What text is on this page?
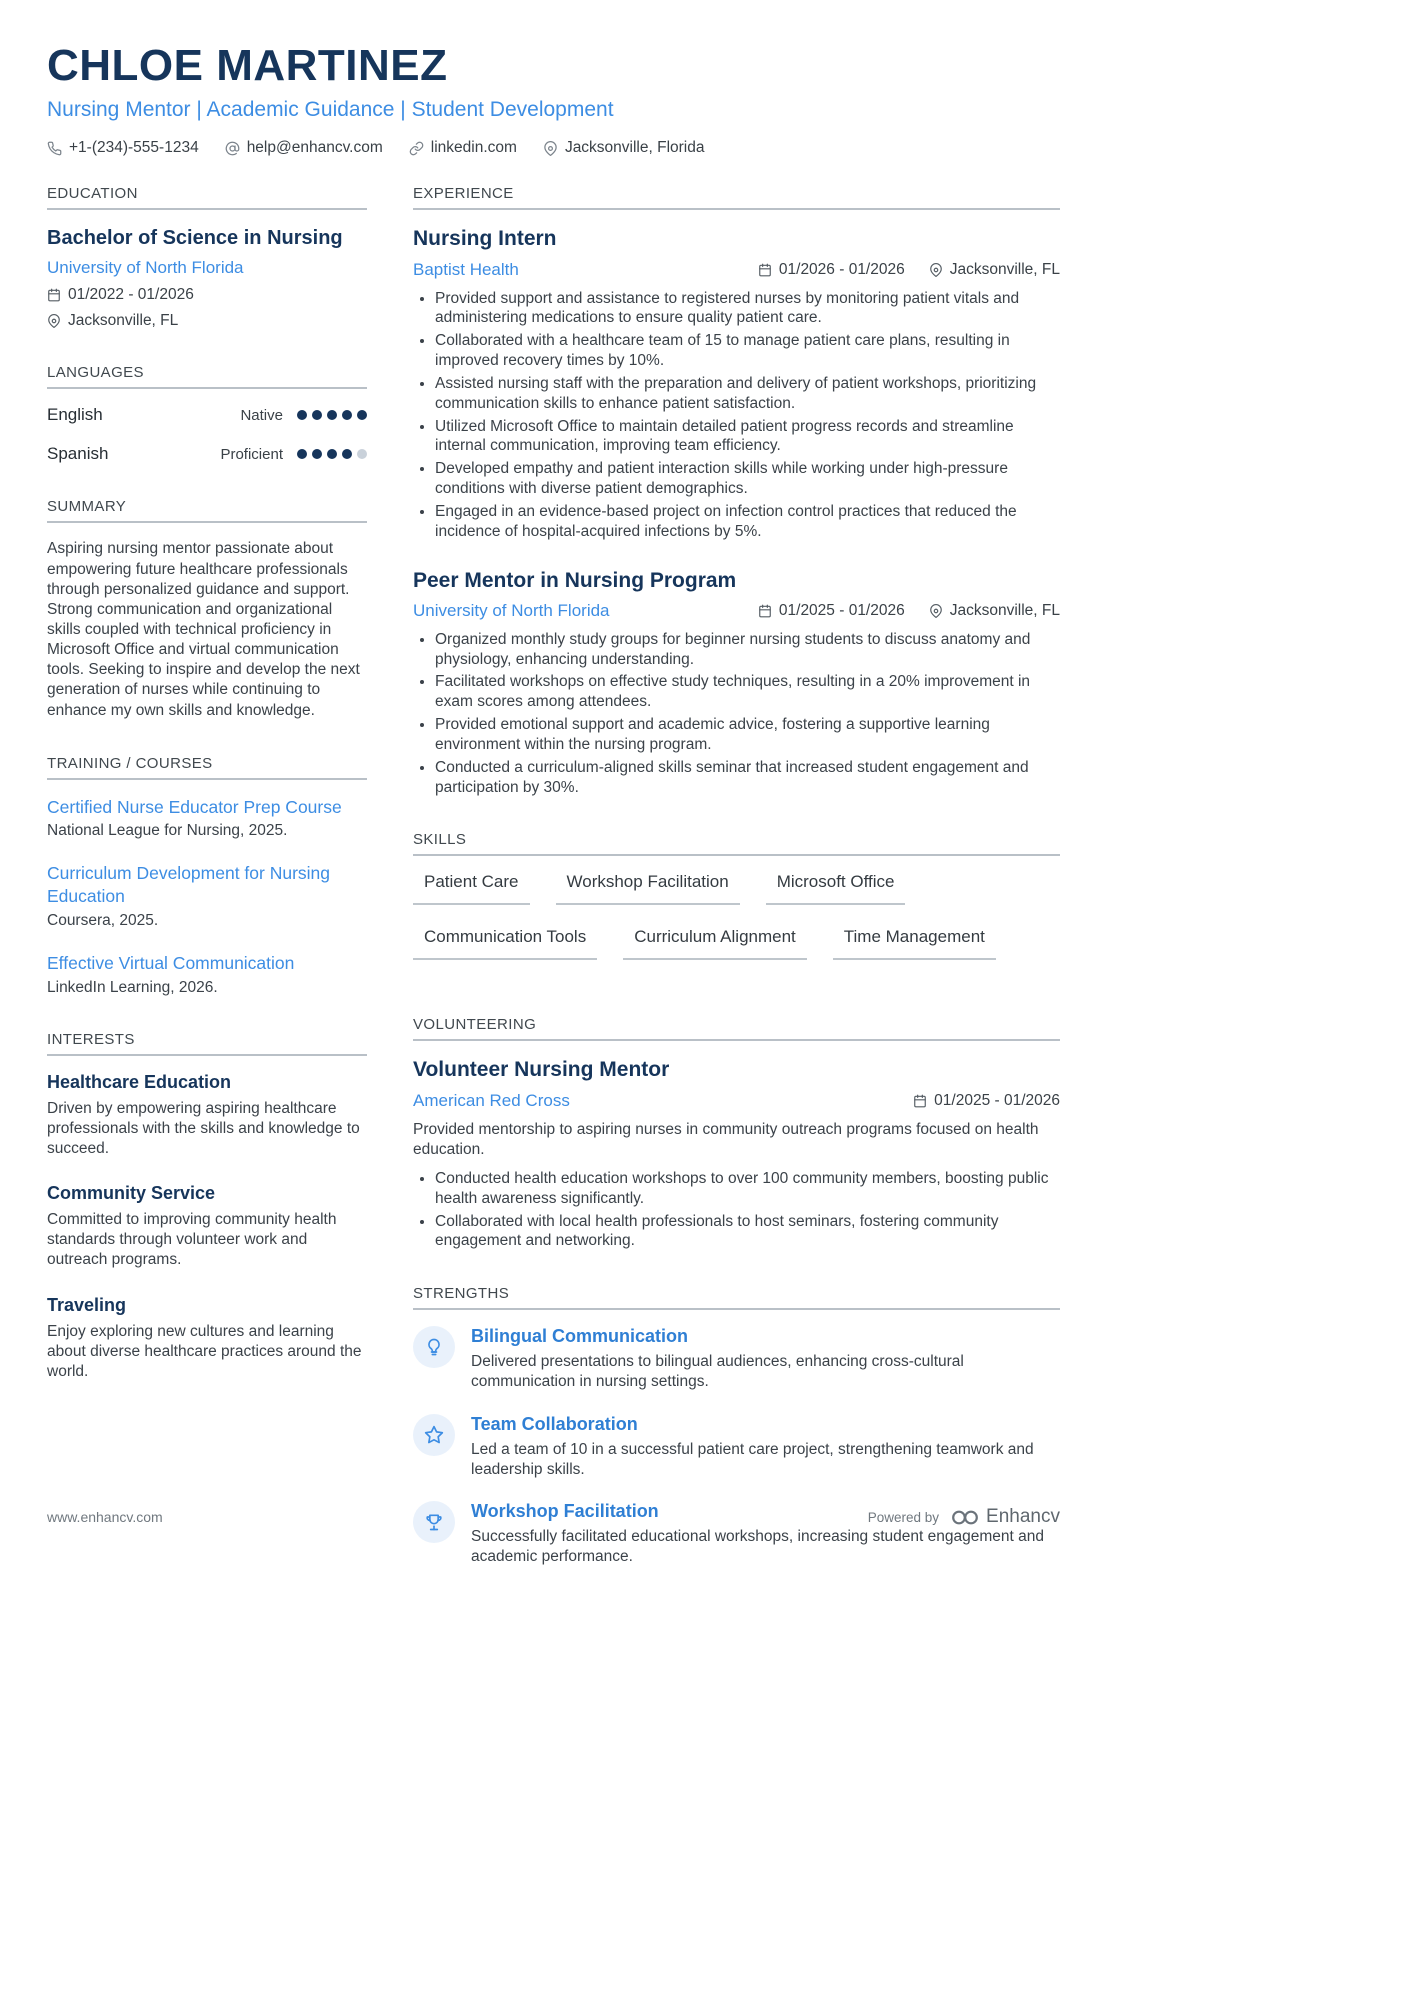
CHLOE MARTINEZ
Nursing Mentor | Academic Guidance | Student Development
+1-(234)-555-1234	help@enhancv.com	linkedin.com	Jacksonville, Florida
EDUCATION
Bachelor of Science in Nursing
University of North Florida
01/2022 - 01/2026
Jacksonville, FL
LANGUAGES
English	Native
Spanish	Proficient
SUMMARY

Aspiring nursing mentor passionate about empowering future healthcare professionals through personalized guidance and support. Strong communication and organizational skills coupled with technical proficiency in Microsoft Office and virtual communication tools. Seeking to inspire and develop the next generation of nurses while continuing to enhance my own skills and knowledge.

TRAINING / COURSES
Certified Nurse Educator Prep Course
National League for Nursing, 2025.
Curriculum Development for Nursing Education
Coursera, 2025.
Effective Virtual Communication
LinkedIn Learning, 2026.
INTERESTS
Healthcare Education
Driven by empowering aspiring healthcare professionals with the skills and knowledge to succeed.
Community Service
Committed to improving community health standards through volunteer work and outreach programs.
Traveling
Enjoy exploring new cultures and learning about diverse healthcare practices around the world.
EXPERIENCE
Nursing Intern
Baptist Health	01/2026 - 01/2026	Jacksonville, FL
• Provided support and assistance to registered nurses by monitoring patient vitals and administering medications to ensure quality patient care.
• Collaborated with a healthcare team of 15 to manage patient care plans, resulting in improved recovery times by 10%.
• Assisted nursing staff with the preparation and delivery of patient workshops, prioritizing communication skills to enhance patient satisfaction.
• Utilized Microsoft Office to maintain detailed patient progress records and streamline internal communication, improving team efficiency.
• Developed empathy and patient interaction skills while working under high-pressure conditions with diverse patient demographics.
• Engaged in an evidence-based project on infection control practices that reduced the incidence of hospital-acquired infections by 5%.
Peer Mentor in Nursing Program
University of North Florida	01/2025 - 01/2026	Jacksonville, FL
• Organized monthly study groups for beginner nursing students to discuss anatomy and physiology, enhancing understanding.
• Facilitated workshops on effective study techniques, resulting in a 20% improvement in exam scores among attendees.
• Provided emotional support and academic advice, fostering a supportive learning environment within the nursing program.
• Conducted a curriculum-aligned skills seminar that increased student engagement and participation by 30%.
SKILLS
Patient Care	Workshop Facilitation	Microsoft Office
Communication Tools	Curriculum Alignment	Time Management
VOLUNTEERING
Volunteer Nursing Mentor
American Red Cross	01/2025 - 01/2026

Provided mentorship to aspiring nurses in community outreach programs focused on health education.

• Conducted health education workshops to over 100 community members, boosting public health awareness significantly.
• Collaborated with local health professionals to host seminars, fostering community engagement and networking.
STRENGTHS
Bilingual Communication
Delivered presentations to bilingual audiences, enhancing cross-cultural communication in nursing settings.
Team Collaboration
Led a team of 10 in a successful patient care project, strengthening teamwork and leadership skills.
Workshop Facilitation
Successfully facilitated educational workshops, increasing student engagement and academic performance.
www.enhancv.com	Powered by Enhancv
